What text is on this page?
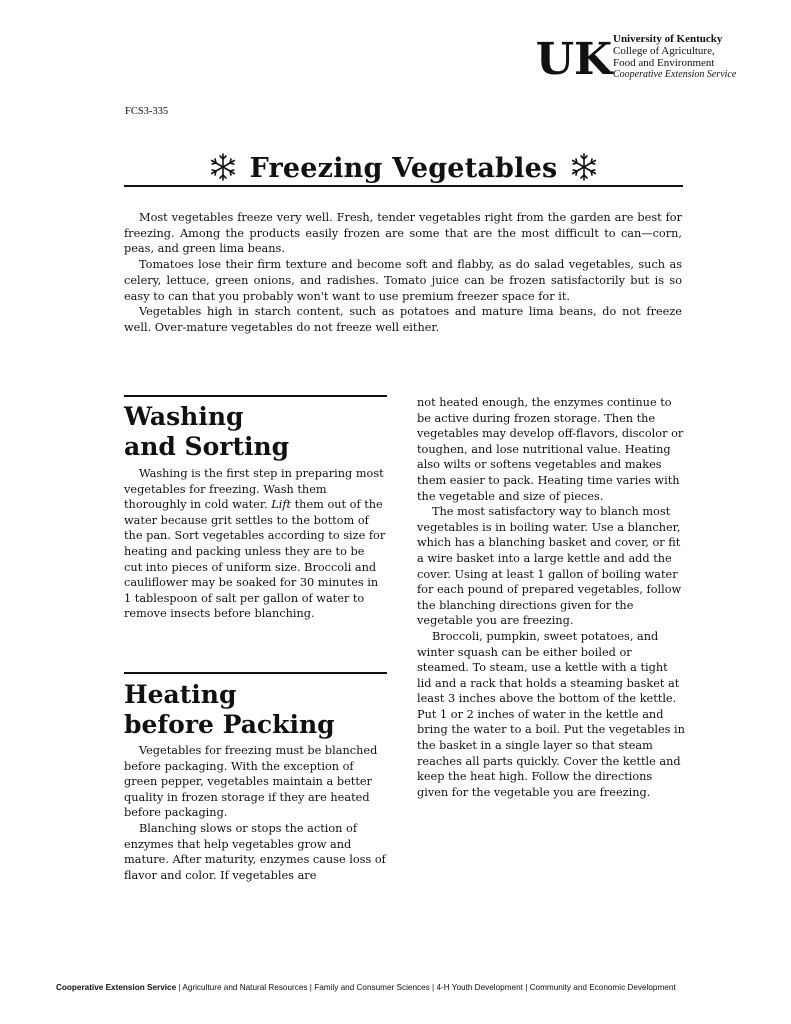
UK University of Kentucky
College of Agriculture,
Food and Environment
Cooperative Extension Service
FCS3-335
Freezing Vegetables

Most vegetables freeze very well. Fresh, tender vegetables right from the garden are best for freezing. Among the products easily frozen are some that are the most difficult to can—corn, peas, and green lima beans.

Tomatoes lose their firm texture and become soft and flabby, as do salad vegetables, such as celery, lettuce, green onions, and radishes. Tomato juice can be frozen satisfactorily but is so easy to can that you probably won't want to use premium freezer space for it.

Vegetables high in starch content, such as potatoes and mature lima beans, do not freeze well. Over-mature vegetables do not freeze well either.

Washing
and Sorting

Washing is the first step in preparing most vegetables for freezing. Wash them thoroughly in cold water. Lift them out of the water because grit settles to the bottom of the pan. Sort vegetables according to size for heating and packing unless they are to be cut into pieces of uniform size. Broccoli and cauliflower may be soaked for 30 minutes in 1 tablespoon of salt per gallon of water to remove insects before blanching.

Heating
before Packing

Vegetables for freezing must be blanched before packaging. With the exception of green pepper, vegetables maintain a better quality in frozen storage if they are heated before packaging.

Blanching slows or stops the action of enzymes that help vegetables grow and mature. After maturity, enzymes cause loss of flavor and color. If vegetables are

not heated enough, the enzymes continue to be active during frozen storage. Then the vegetables may develop off-flavors, discolor or toughen, and lose nutritional value. Heating also wilts or softens vegetables and makes them easier to pack. Heating time varies with the vegetable and size of pieces.

The most satisfactory way to blanch most vegetables is in boiling water. Use a blancher, which has a blanching basket and cover, or fit a wire basket into a large kettle and add the cover. Using at least 1 gallon of boiling water for each pound of prepared vegetables, follow the blanching directions given for the vegetable you are freezing.

Broccoli, pumpkin, sweet potatoes, and winter squash can be either boiled or steamed. To steam, use a kettle with a tight lid and a rack that holds a steaming basket at least 3 inches above the bottom of the kettle. Put 1 or 2 inches of water in the kettle and bring the water to a boil. Put the vegetables in the basket in a single layer so that steam reaches all parts quickly. Cover the kettle and keep the heat high. Follow the directions given for the vegetable you are freezing.

Cooperative Extension Service | Agriculture and Natural Resources | Family and Consumer Sciences | 4-H Youth Development | Community and Economic Development
